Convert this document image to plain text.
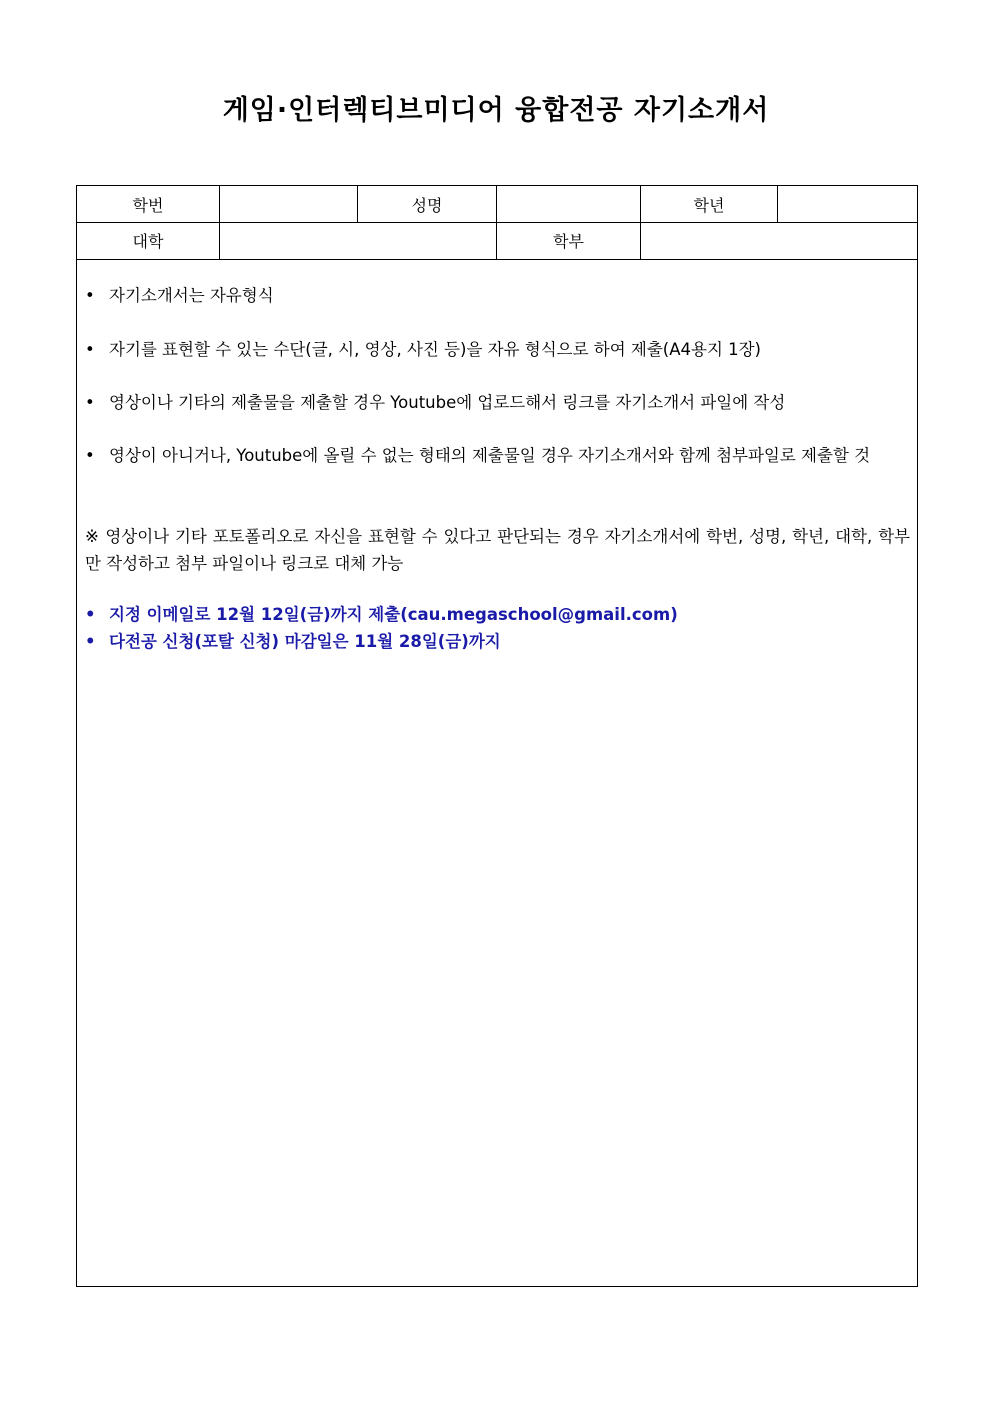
게임·인터렉티브미디어 융합전공 자기소개서
학번	성명	학년
대학	학부
• 자기소개서는 자유형식
• 자기를 표현할 수 있는 수단(글, 시, 영상, 사진 등)을 자유 형식으로 하여 제출(A4용지 1장)
• 영상이나 기타의 제출물을 제출할 경우 Youtube에 업로드해서 링크를 자기소개서 파일에 작성
• 영상이 아니거나, Youtube에 올릴 수 없는 형태의 제출물일 경우 자기소개서와 함께 첨부파일로 제출할 것
※ 영상이나 기타 포토폴리오로 자신을 표현할 수 있다고 판단되는 경우 자기소개서에 학번, 성명, 학년, 대학, 학부만 작성하고 첨부 파일이나 링크로 대체 가능
• 지정 이메일로 12월 12일(금)까지 제출(cau.megaschool@gmail.com)
• 다전공 신청(포탈 신청) 마감일은 11월 28일(금)까지
